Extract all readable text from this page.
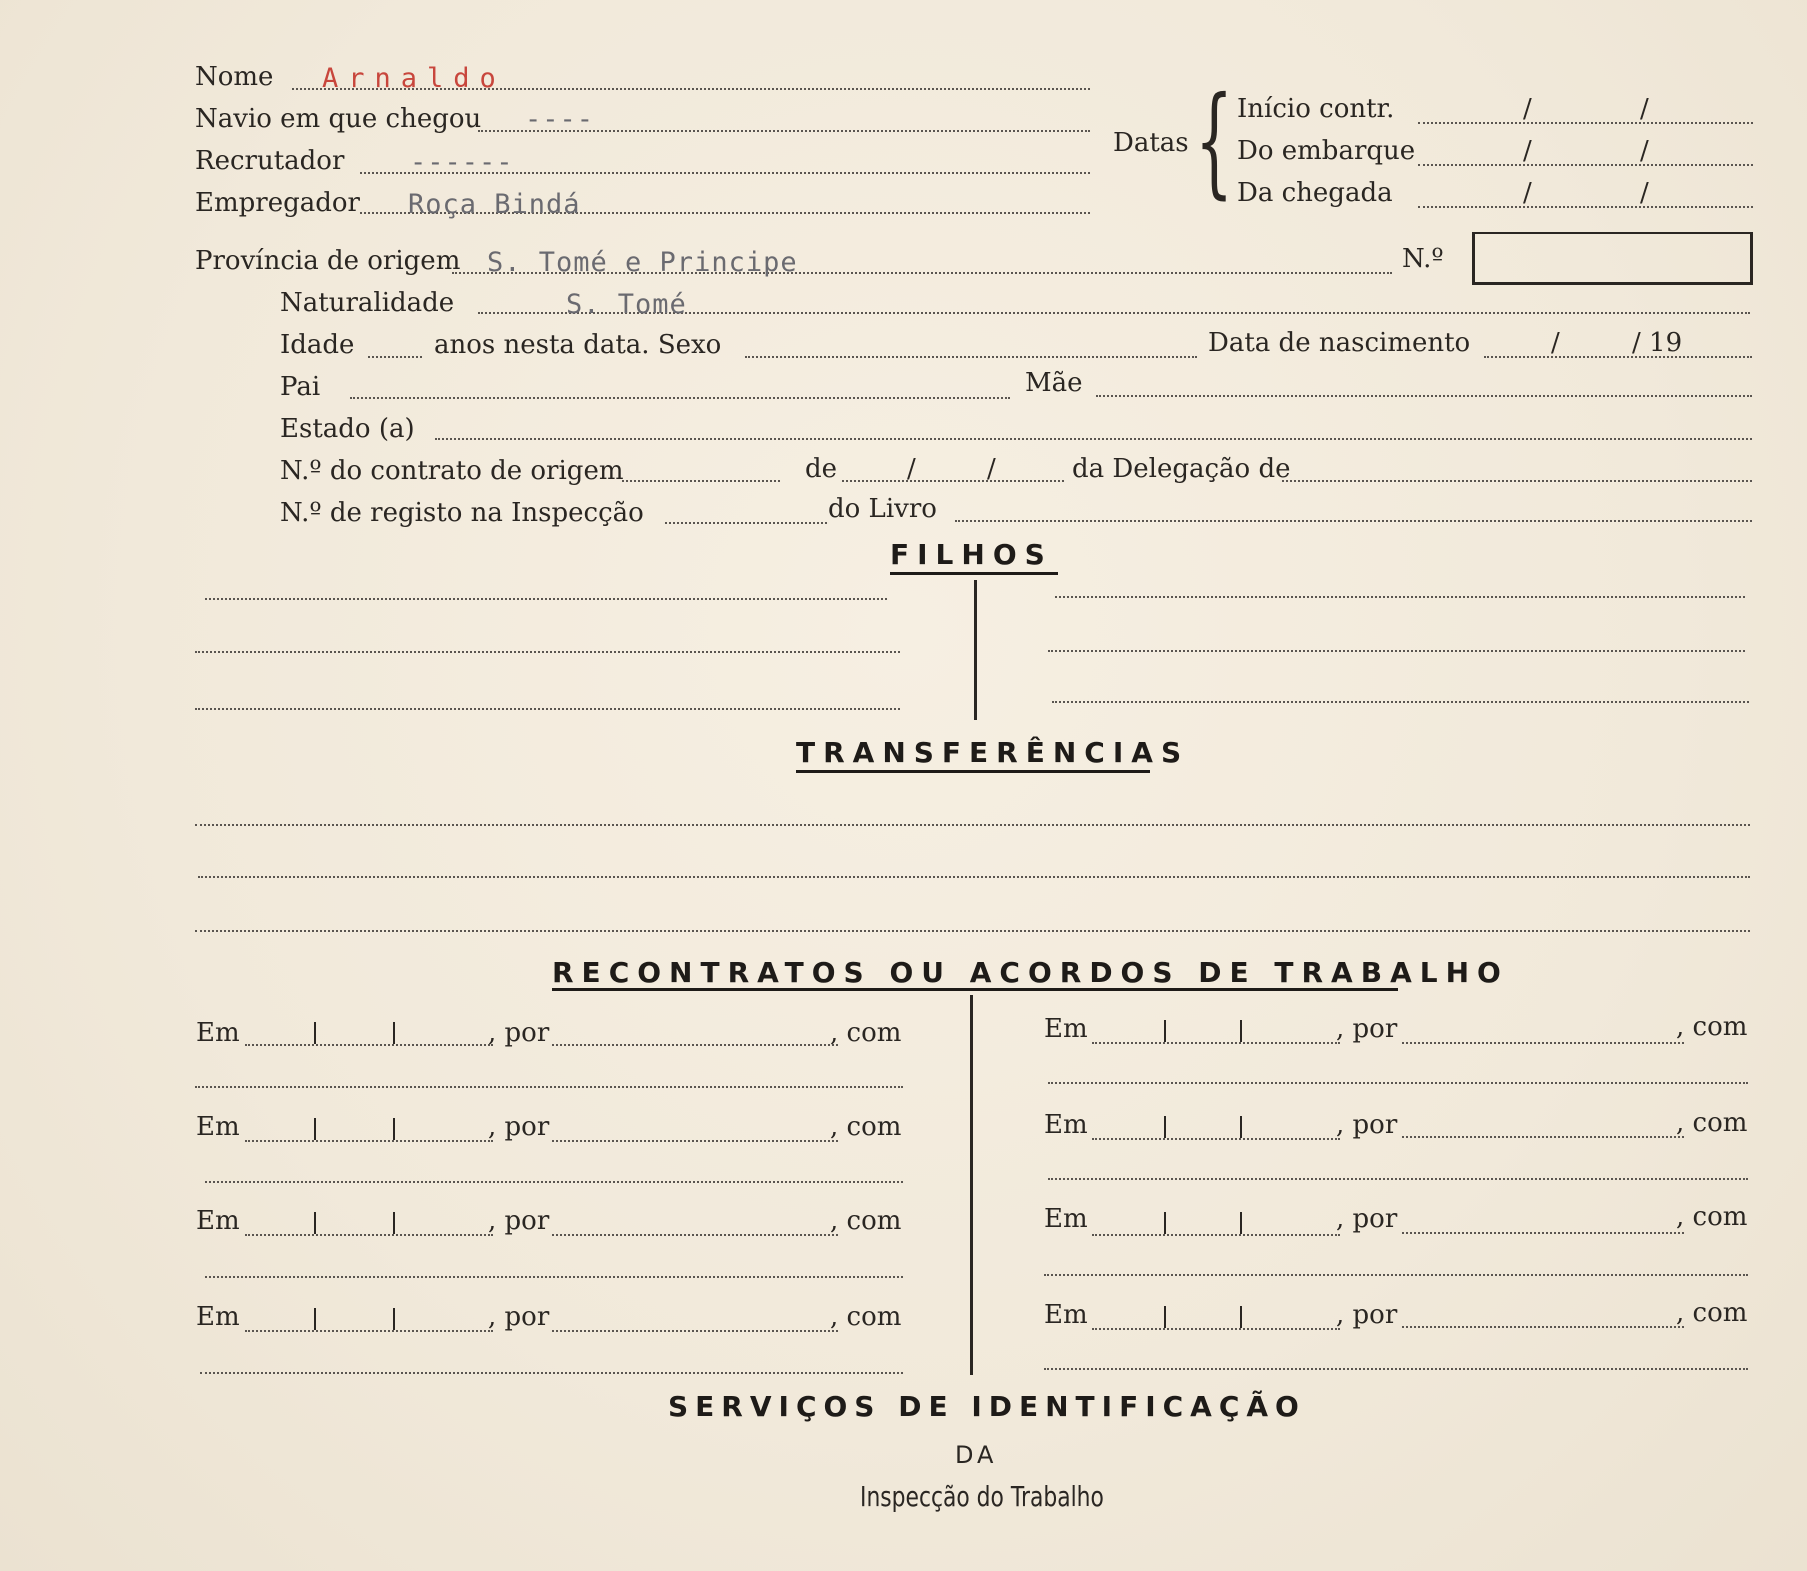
Nome Arnaldo
Navio em que chegou ----
Recrutador ------
Empregador Roça Bindá
Datas { Início contr.	/	/
Do embarque	/	/
Da chegada	/	/
Província de origem S. Tomé e Principe	N.º
Naturalidade	S. Tomé
Idade	anos nesta data. Sexo	Data de nascimento	/	/ 19
Pai	Mãe
Estado (a)
N.º do contrato de origem	de	/	/	da Delegação de
N.º de registo na Inspecção	do Livro
FILHOS
TRANSFERÊNCIAS
RECONTRATOS OU ACORDOS DE TRABALHO
Em	, por	, com
Em	, por	, com
Em	, por	, com
Em	, por	, com
Em	, por	, com
Em	, por	, com
Em	, por	, com
Em	, por	, com
SERVIÇOS DE IDENTIFICAÇÃO
DA
Inspecção do Trabalho
